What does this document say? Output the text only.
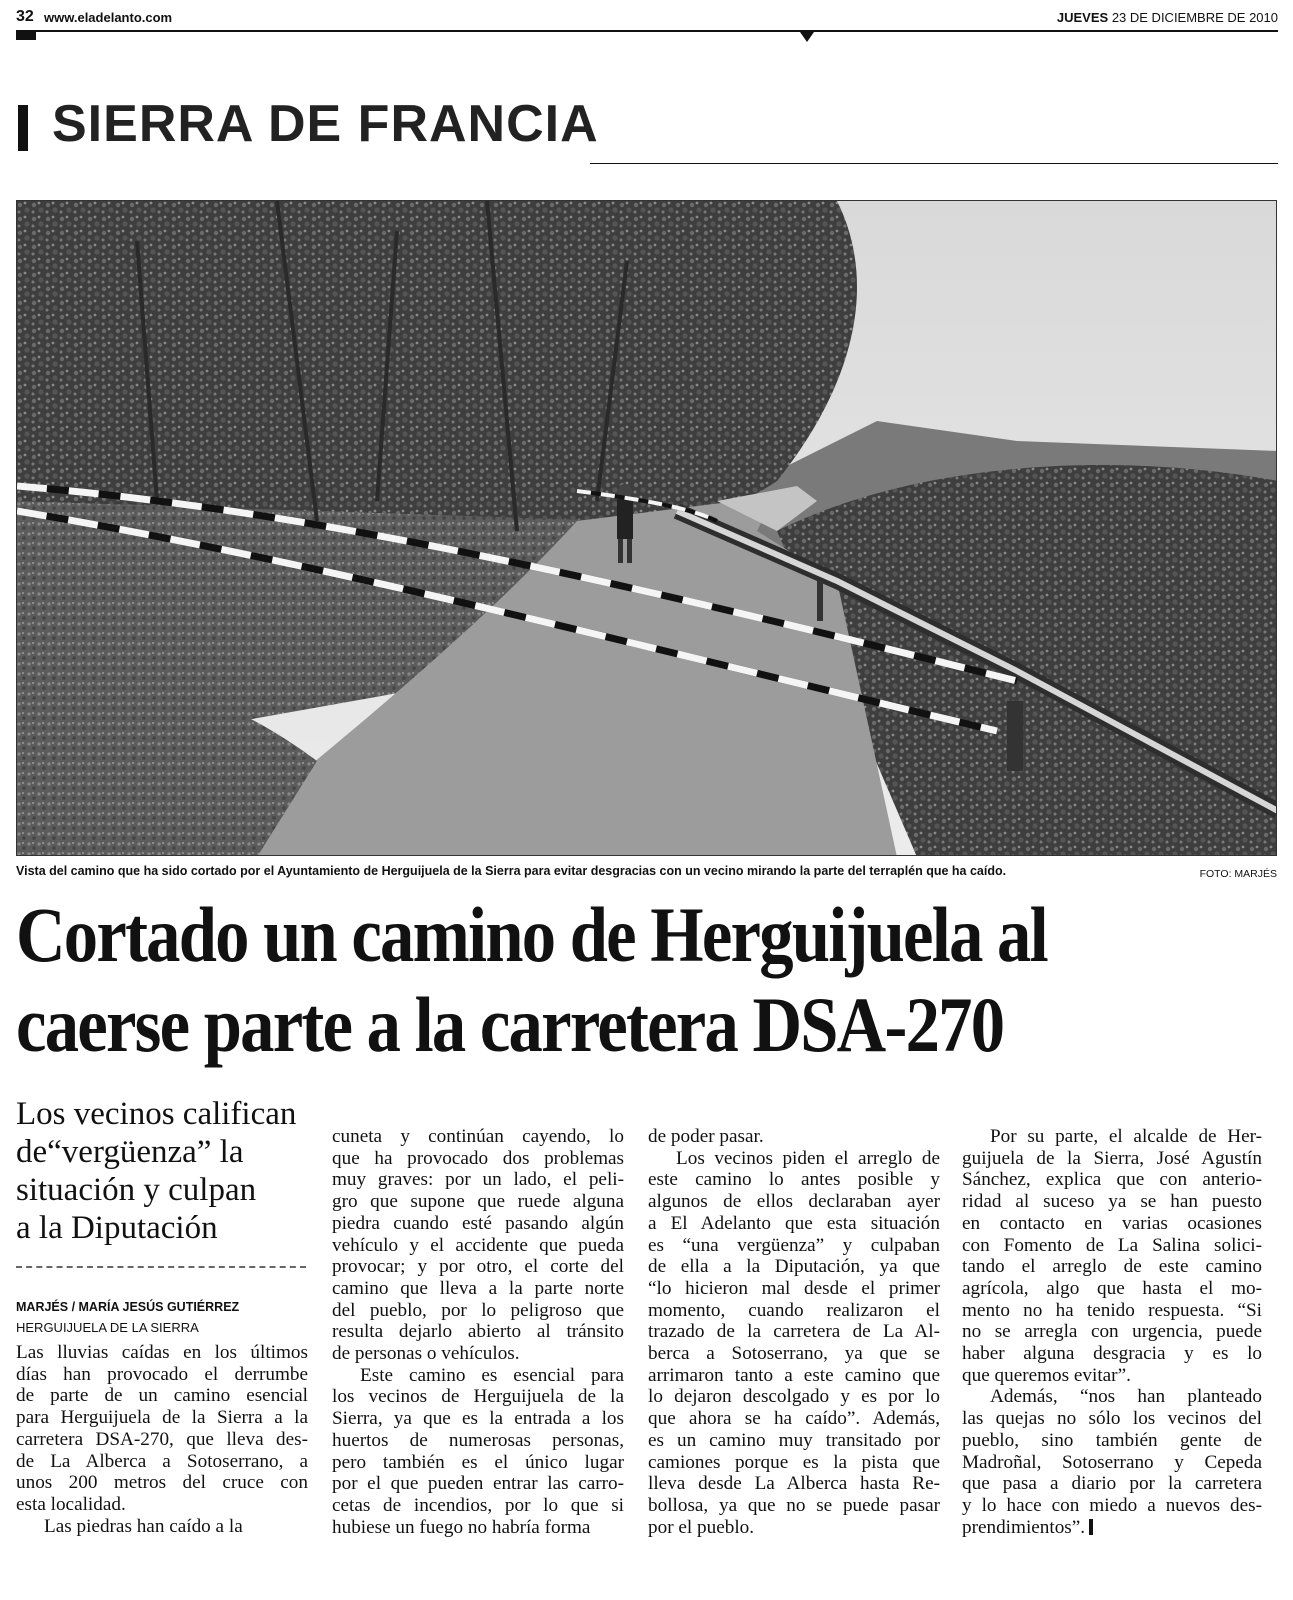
32 www.eladelanto.com	JUEVES 23 DE DICIEMBRE DE 2010
SIERRA DE FRANCIA
Vista del camino que ha sido cortado por el Ayuntamiento de Herguijuela de la Sierra para evitar desgracias con un vecino mirando la parte del terraplén que ha caído.	FOTO: MARJÉS
Cortado un camino de Herguijuela al
caerse parte a la carretera DSA-270
Los vecinos califican
de“vergüenza” la
situación y culpan
a la Diputación
MARJÉS / MARÍA JESÚS GUTIÉRREZ
HERGUIJUELA DE LA SIERRA
Las lluvias caídas en los últimos
días han provocado el derrumbe
de parte de un camino esencial
para Herguijuela de la Sierra a la
carretera DSA-270, que lleva des-
de La Alberca a Sotoserrano, a
unos 200 metros del cruce con
esta localidad.
Las piedras han caído a la
cuneta y continúan cayendo, lo
que ha provocado dos problemas
muy graves: por un lado, el peli-
gro que supone que ruede alguna
piedra cuando esté pasando algún
vehículo y el accidente que pueda
provocar; y por otro, el corte del
camino que lleva a la parte norte
del pueblo, por lo peligroso que
resulta dejarlo abierto al tránsito
de personas o vehículos.
Este camino es esencial para
los vecinos de Herguijuela de la
Sierra, ya que es la entrada a los
huertos de numerosas personas,
pero también es el único lugar
por el que pueden entrar las carro-
cetas de incendios, por lo que si
hubiese un fuego no habría forma
de poder pasar.
Los vecinos piden el arreglo de
este camino lo antes posible y
algunos de ellos declaraban ayer
a El Adelanto que esta situación
es “una vergüenza” y culpaban
de ella a la Diputación, ya que
“lo hicieron mal desde el primer
momento, cuando realizaron el
trazado de la carretera de La Al-
berca a Sotoserrano, ya que se
arrimaron tanto a este camino que
lo dejaron descolgado y es por lo
que ahora se ha caído”. Además,
es un camino muy transitado por
camiones porque es la pista que
lleva desde La Alberca hasta Re-
bollosa, ya que no se puede pasar
por el pueblo.
Por su parte, el alcalde de Her-
guijuela de la Sierra, José Agustín
Sánchez, explica que con anterio-
ridad al suceso ya se han puesto
en contacto en varias ocasiones
con Fomento de La Salina solici-
tando el arreglo de este camino
agrícola, algo que hasta el mo-
mento no ha tenido respuesta. “Si
no se arregla con urgencia, puede
haber alguna desgracia y es lo
que queremos evitar”.
Además, “nos han planteado
las quejas no sólo los vecinos del
pueblo, sino también gente de
Madroñal, Sotoserrano y Cepeda
que pasa a diario por la carretera
y lo hace con miedo a nuevos des-
prendimientos”.
